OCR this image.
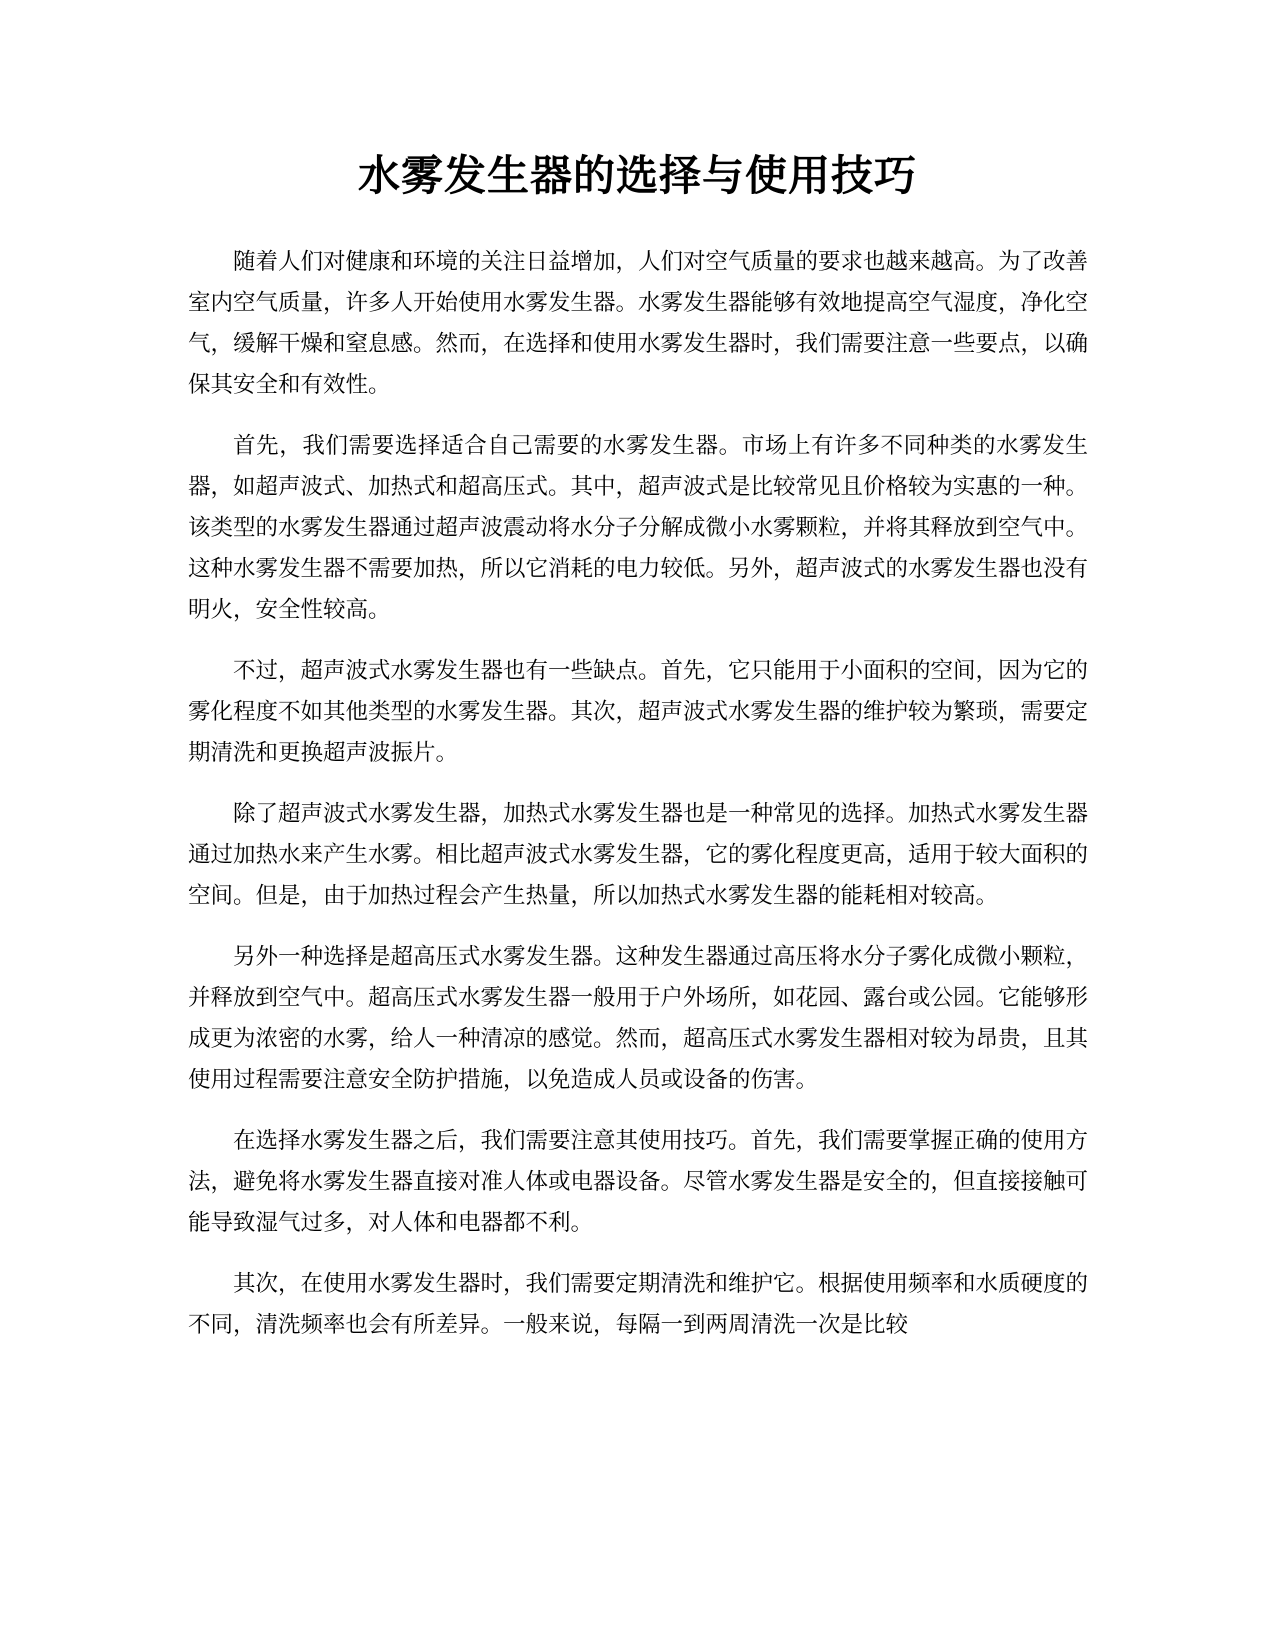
水雾发生器的选择与使用技巧

随着人们对健康和环境的关注日益增加，人们对空气质量的要求也越来越高。为了改善室内空气质量，许多人开始使用水雾发生器。水雾发生器能够有效地提高空气湿度，净化空气，缓解干燥和窒息感。然而，在选择和使用水雾发生器时，我们需要注意一些要点，以确保其安全和有效性。

首先，我们需要选择适合自己需要的水雾发生器。市场上有许多不同种类的水雾发生器，如超声波式、加热式和超高压式。其中，超声波式是比较常见且价格较为实惠的一种。该类型的水雾发生器通过超声波震动将水分子分解成微小水雾颗粒，并将其释放到空气中。这种水雾发生器不需要加热，所以它消耗的电力较低。另外，超声波式的水雾发生器也没有明火，安全性较高。

不过，超声波式水雾发生器也有一些缺点。首先，它只能用于小面积的空间，因为它的雾化程度不如其他类型的水雾发生器。其次，超声波式水雾发生器的维护较为繁琐，需要定期清洗和更换超声波振片。

除了超声波式水雾发生器，加热式水雾发生器也是一种常见的选择。加热式水雾发生器通过加热水来产生水雾。相比超声波式水雾发生器，它的雾化程度更高，适用于较大面积的空间。但是，由于加热过程会产生热量，所以加热式水雾发生器的能耗相对较高。

另外一种选择是超高压式水雾发生器。这种发生器通过高压将水分子雾化成微小颗粒，并释放到空气中。超高压式水雾发生器一般用于户外场所，如花园、露台或公园。它能够形成更为浓密的水雾，给人一种清凉的感觉。然而，超高压式水雾发生器相对较为昂贵，且其使用过程需要注意安全防护措施，以免造成人员或设备的伤害。

在选择水雾发生器之后，我们需要注意其使用技巧。首先，我们需要掌握正确的使用方法，避免将水雾发生器直接对准人体或电器设备。尽管水雾发生器是安全的，但直接接触可能导致湿气过多，对人体和电器都不利。

其次，在使用水雾发生器时，我们需要定期清洗和维护它。根据使用频率和水质硬度的不同，清洗频率也会有所差异。一般来说，每隔一到两周清洗一次是比较
